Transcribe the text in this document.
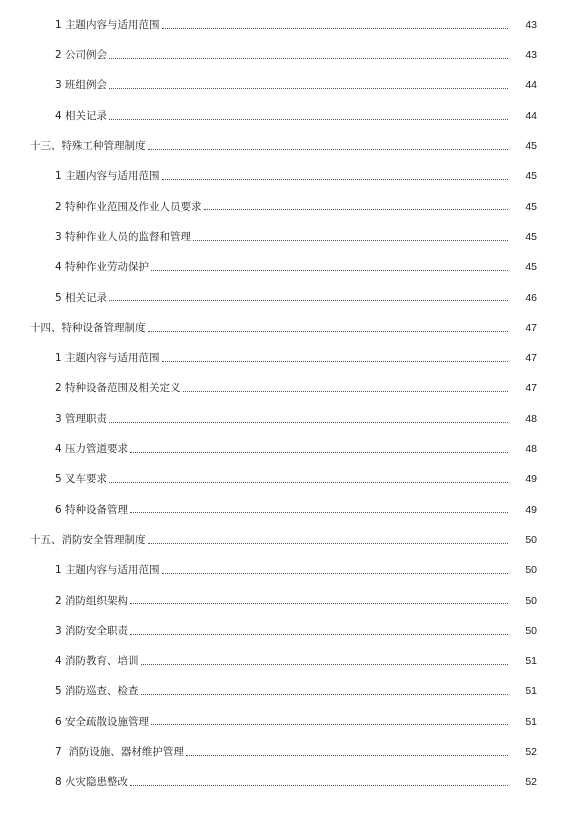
1 主题内容与适用范围	43
2 公司例会	43
3 班组例会	44
4 相关记录	44
十三、特殊工种管理制度	45
1 主题内容与适用范围	45
2 特种作业范围及作业人员要求	45
3 特种作业人员的监督和管理	45
4 特种作业劳动保护	45
5 相关记录	46
十四、特种设备管理制度	47
1 主题内容与适用范围	47
2 特种设备范围及相关定义	47
3 管理职责	48
4 压力管道要求	48
5 叉车要求	49
6 特种设备管理	49
十五、消防安全管理制度	50
1 主题内容与适用范围	50
2 消防组织架构	50
3 消防安全职责	50
4 消防教育、培训	51
5 消防巡查、检查	51
6 安全疏散设施管理	51
7  消防设施、器材维护管理	52
8 火灾隐患整改	52
